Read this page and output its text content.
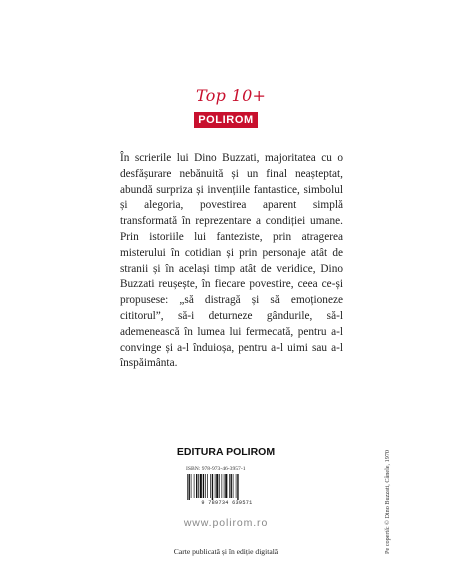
Top 10+
POLIROM
În scrierile lui Dino Buzzati, majoritatea cu o desfășurare nebănuită și un final neașteptat, abundă surpriza și invențiile fantastice, simbolul și alegoria, povestirea aparent simplă transformată în reprezentare a condiției umane. Prin istoriile lui fanteziste, prin atragerea misterului în cotidian și prin personaje atât de stranii și în același timp atât de veridice, Dino Buzzati reușește, în fiecare povestire, ceea ce-și propusese: „să distragă și să emoționeze cititorul”, să-i deturneze gândurile, să-l ademenească în lumea lui fermecată, pentru a-l convinge și a-l înduioșa, pentru a-l uimi sau a-l înspăimânta.
EDITURA POLIROM
ISBN: 978-973-46-3957-1
9 789734 639571
www.polirom.ro
Carte publicată și în ediție digitală	Pe copertă: © Dino Buzzati, Cânele, 1970
